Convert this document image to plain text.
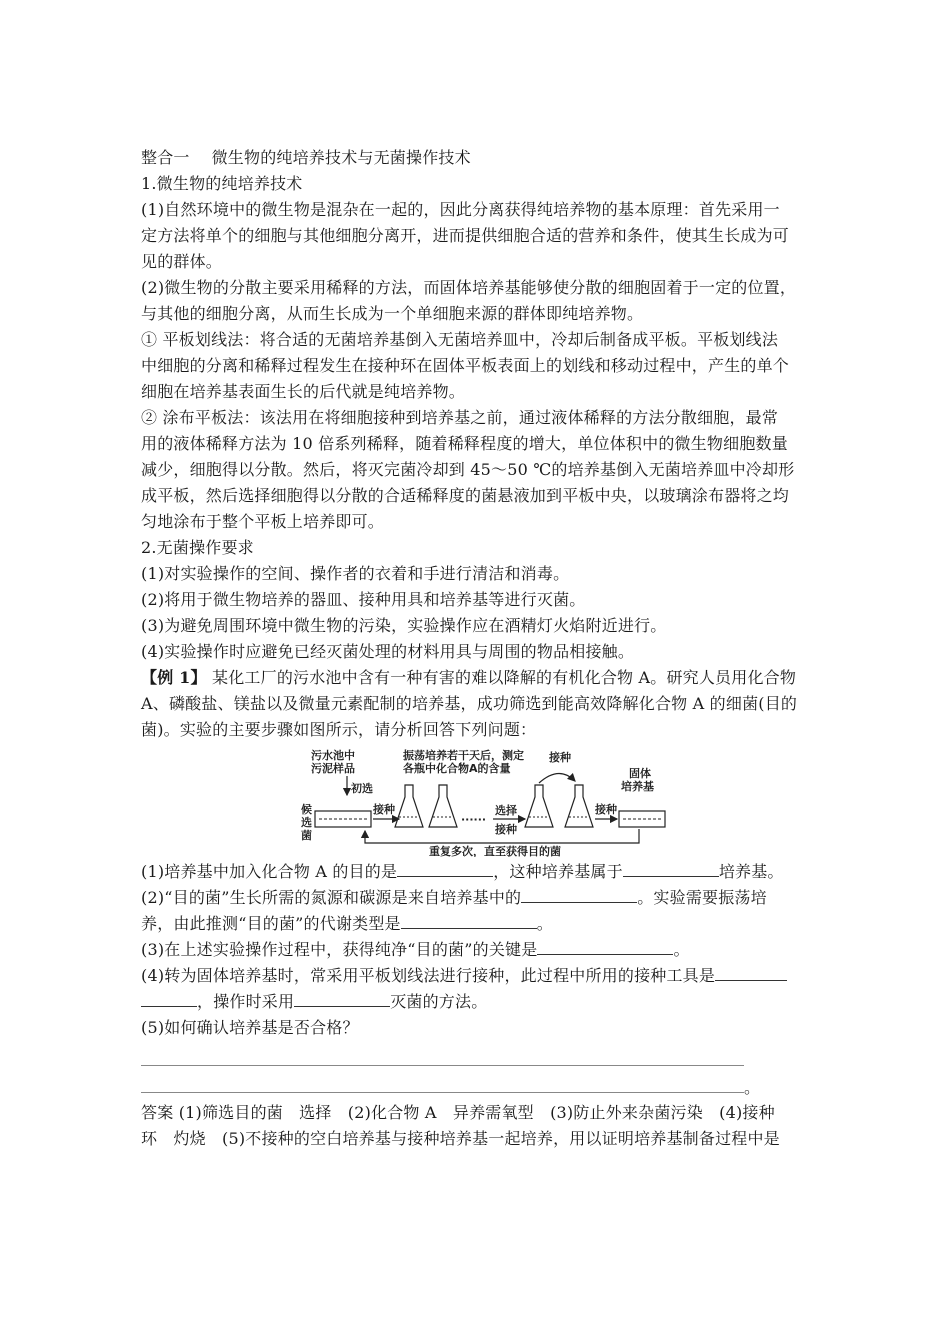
整合一 微生物的纯培养技术与无菌操作技术
1.微生物的纯培养技术
(1)自然环境中的微生物是混杂在一起的，因此分离获得纯培养物的基本原理：首先采用一
定方法将单个的细胞与其他细胞分离开，进而提供细胞合适的营养和条件，使其生长成为可
见的群体。
(2)微生物的分散主要采用稀释的方法，而固体培养基能够使分散的细胞固着于一定的位置，
与其他的细胞分离，从而生长成为一个单细胞来源的群体即纯培养物。
① 平板划线法：将合适的无菌培养基倒入无菌培养皿中，冷却后制备成平板。平板划线法
中细胞的分离和稀释过程发生在接种环在固体平板表面上的划线和移动过程中，产生的单个
细胞在培养基表面生长的后代就是纯培养物。
② 涂布平板法：该法用在将细胞接种到培养基之前，通过液体稀释的方法分散细胞，最常
用的液体稀释方法为 10 倍系列稀释，随着稀释程度的增大，单位体积中的微生物细胞数量
减少，细胞得以分散。然后，将灭完菌冷却到 45～50 ℃的培养基倒入无菌培养皿中冷却形
成平板，然后选择细胞得以分散的合适稀释度的菌悬液加到平板中央，以玻璃涂布器将之均
匀地涂布于整个平板上培养即可。
2.无菌操作要求
(1)对实验操作的空间、操作者的衣着和手进行清洁和消毒。
(2)将用于微生物培养的器皿、接种用具和培养基等进行灭菌。
(3)为避免周围环境中微生物的污染，实验操作应在酒精灯火焰附近进行。
(4)实验操作时应避免已经灭菌处理的材料用具与周围的物品相接触。
【例 1】 某化工厂的污水池中含有一种有害的难以降解的有机化合物 A。研究人员用化合物
A、磷酸盐、镁盐以及微量元素配制的培养基，成功筛选到能高效降解化合物 A 的细菌(目的
菌)。实验的主要步骤如图所示，请分析回答下列问题：
污水池中
污泥样品
初选
候
选
菌
接种
振荡培养若干天后，测定
各瓶中化合物A的含量
······
选择
接种
接种
接种
固体
培养基
重复多次，直至获得目的菌
(1)培养基中加入化合物 A 的目的是	，这种培养基属于	培养基。
(2)“目的菌”生长所需的氮源和碳源是来自培养基中的	。实验需要振荡培
养，由此推测“目的菌”的代谢类型是	。
(3)在上述实验操作过程中，获得纯净“目的菌”的关键是	。
(4)转为固体培养基时，常采用平板划线法进行接种，此过程中所用的接种工具是
，操作时采用	灭菌的方法。
(5)如何确认培养基是否合格？
。
答案 (1)筛选目的菌　选择　(2)化合物 A　异养需氧型　(3)防止外来杂菌污染　(4)接种
环　灼烧　(5)不接种的空白培养基与接种培养基一起培养，用以证明培养基制备过程中是
